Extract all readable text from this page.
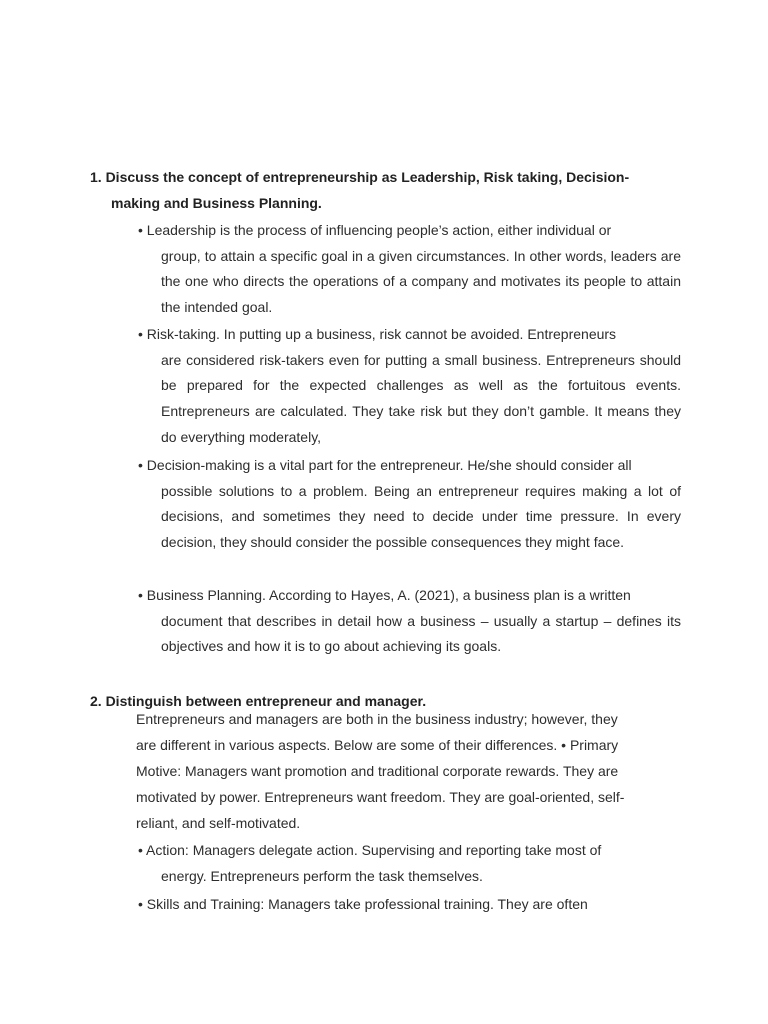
1. Discuss the concept of entrepreneurship as Leadership, Risk taking, Decision-
making and Business Planning.
• Leadership is the process of influencing people’s action, either individual or
group, to attain a specific goal in a given circumstances. In other words, leaders are the one who directs the operations of a company and motivates its people to attain the intended goal.
• Risk-taking. In putting up a business, risk cannot be avoided. Entrepreneurs
are considered risk-takers even for putting a small business. Entrepreneurs should be prepared for the expected challenges as well as the fortuitous events. Entrepreneurs are calculated. They take risk but they don’t gamble. It means they do everything moderately,
• Decision-making is a vital part for the entrepreneur. He/she should consider all
possible solutions to a problem. Being an entrepreneur requires making a lot of decisions, and sometimes they need to decide under time pressure. In every decision, they should consider the possible consequences they might face.
• Business Planning. According to Hayes, A. (2021), a business plan is a written
document that describes in detail how a business – usually a startup – defines its objectives and how it is to go about achieving its goals.
2. Distinguish between entrepreneur and manager.
Entrepreneurs and managers are both in the business industry; however, they
are different in various aspects. Below are some of their differences. • Primary
Motive: Managers want promotion and traditional corporate rewards. They are
motivated by power. Entrepreneurs want freedom. They are goal-oriented, self-
reliant, and self-motivated.
• Action: Managers delegate action. Supervising and reporting take most of
energy. Entrepreneurs perform the task themselves.
• Skills and Training: Managers take professional training. They are often
